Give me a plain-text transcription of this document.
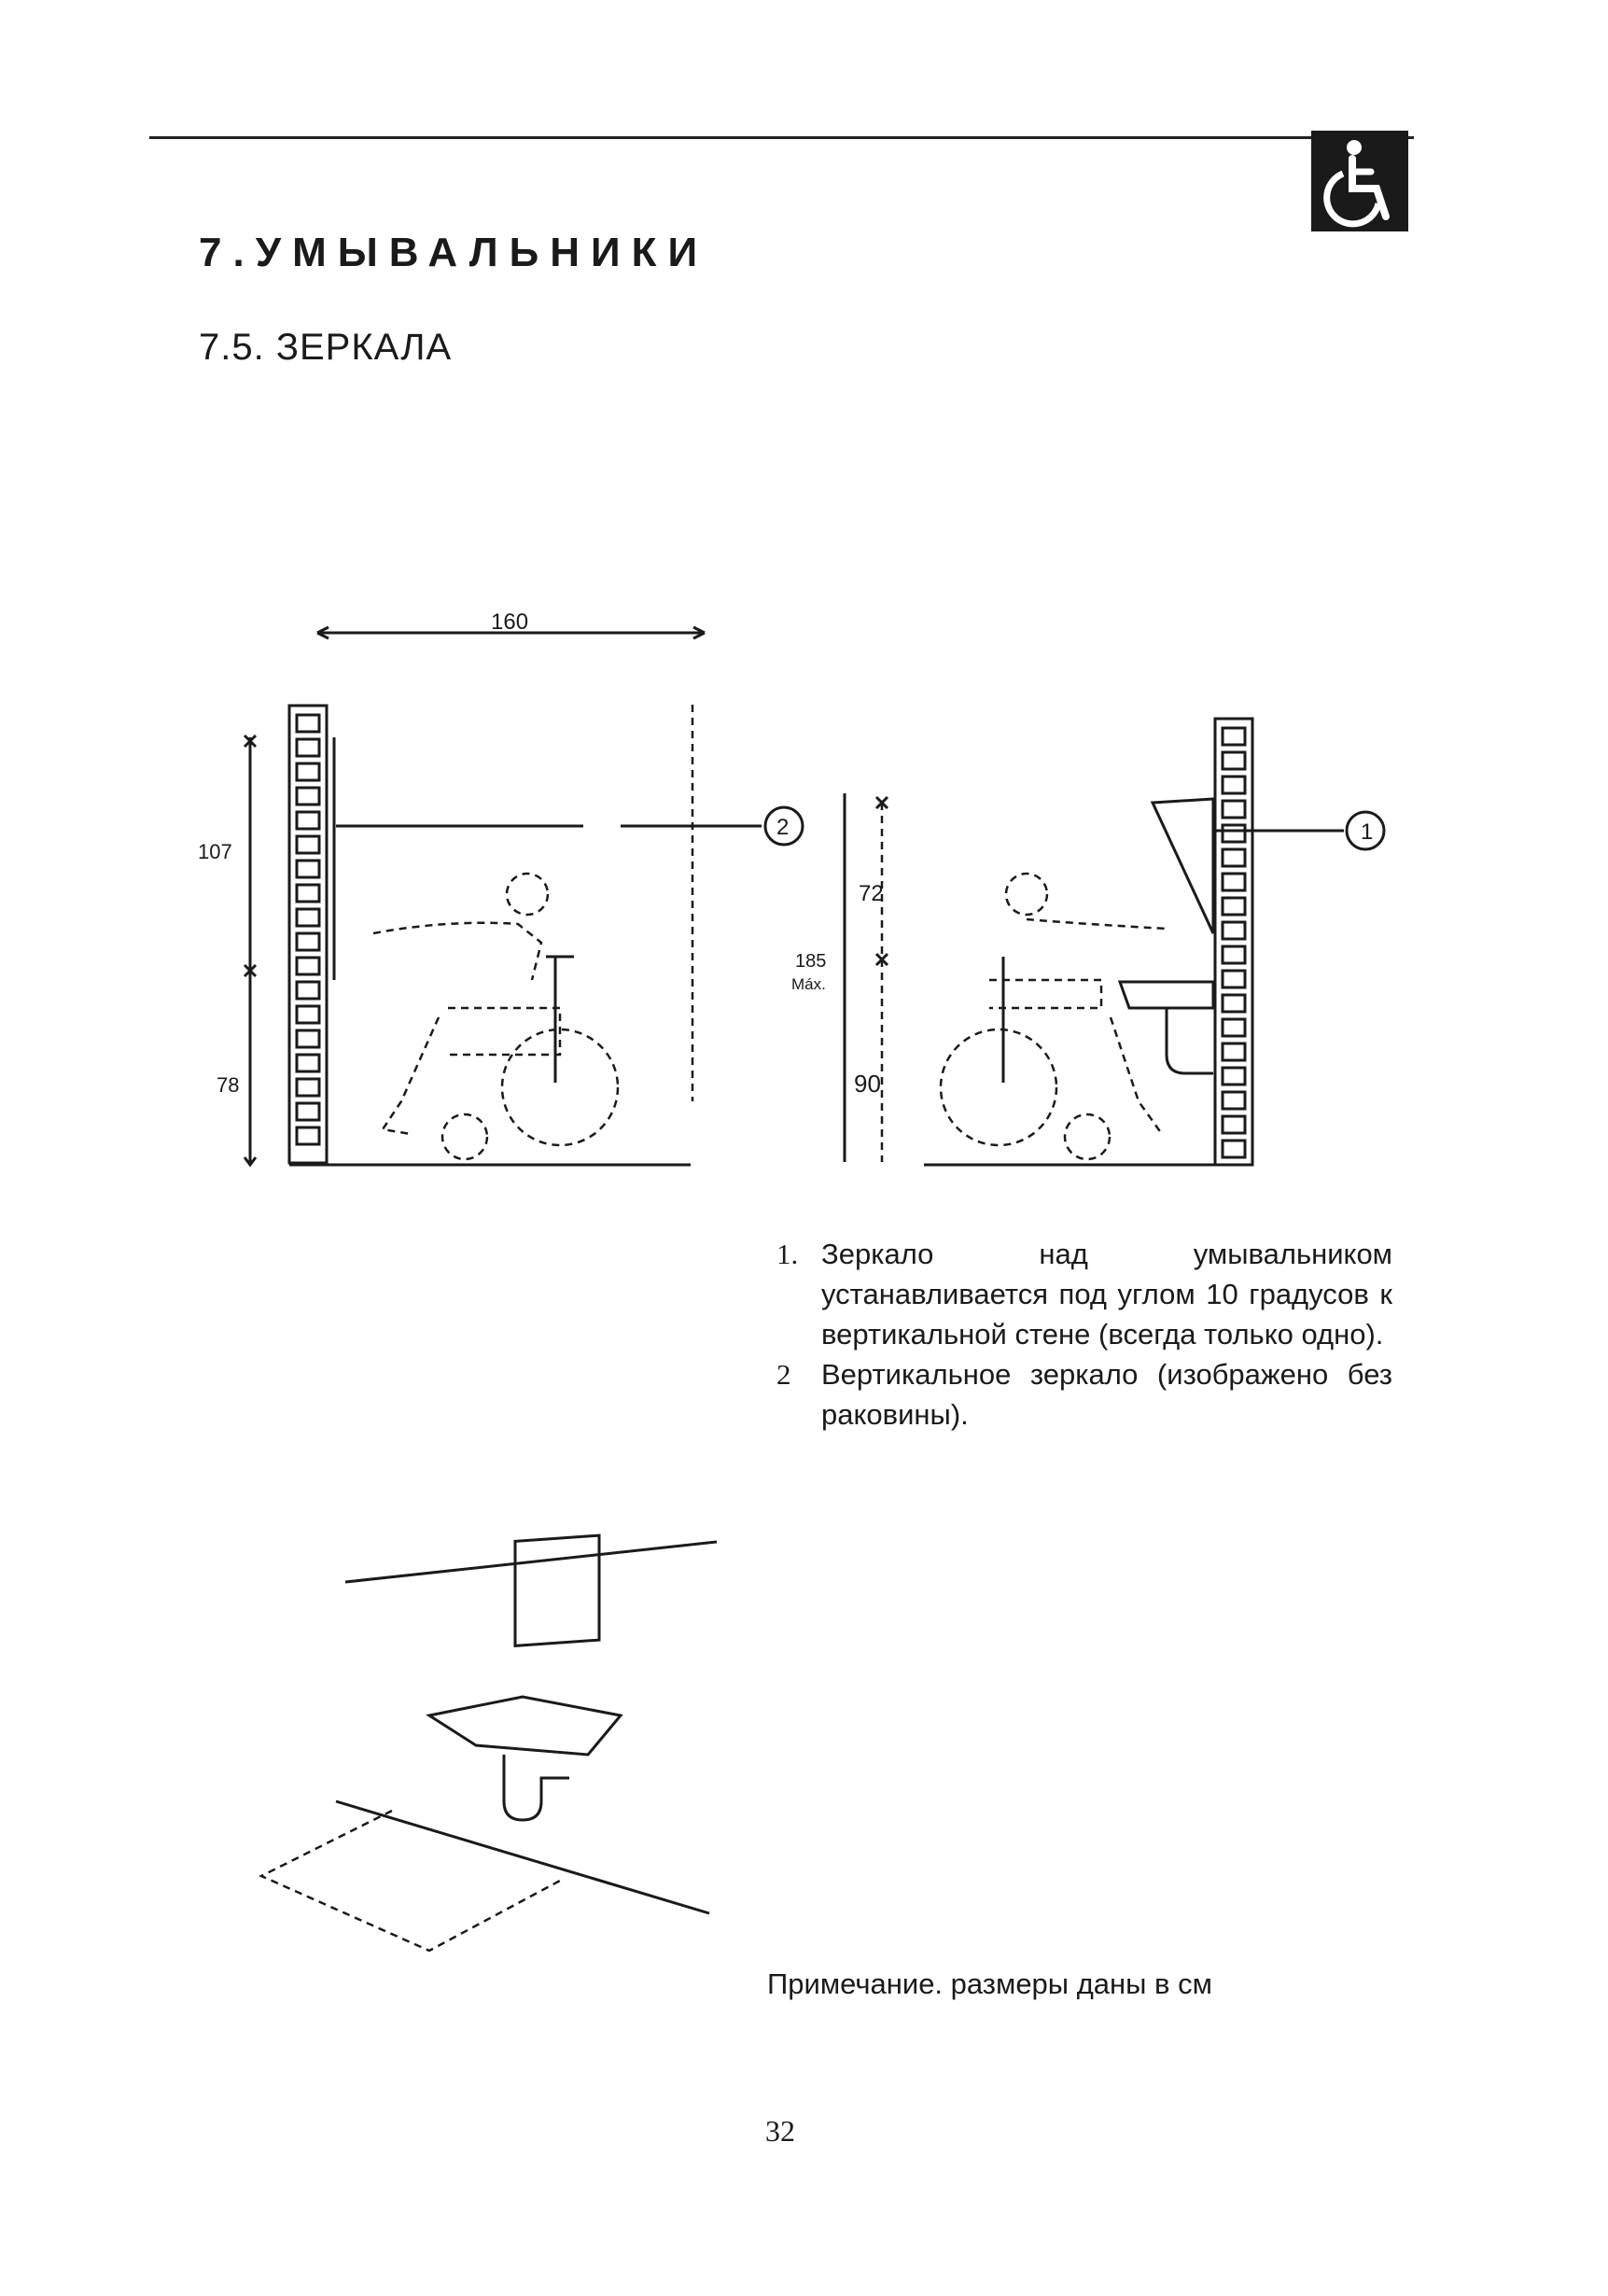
7.УМЫВАЛЬНИКИ
7.5. ЗЕРКАЛА
160
107
78
2	1
72
185
Máx.
90
1. Зеркало над умывальником устанавливается под углом 10 градусов к вертикальной стене (всегда только одно).
2	Вертикальное зеркало (изображено без раковины).
Примечание. размеры даны в см
32
